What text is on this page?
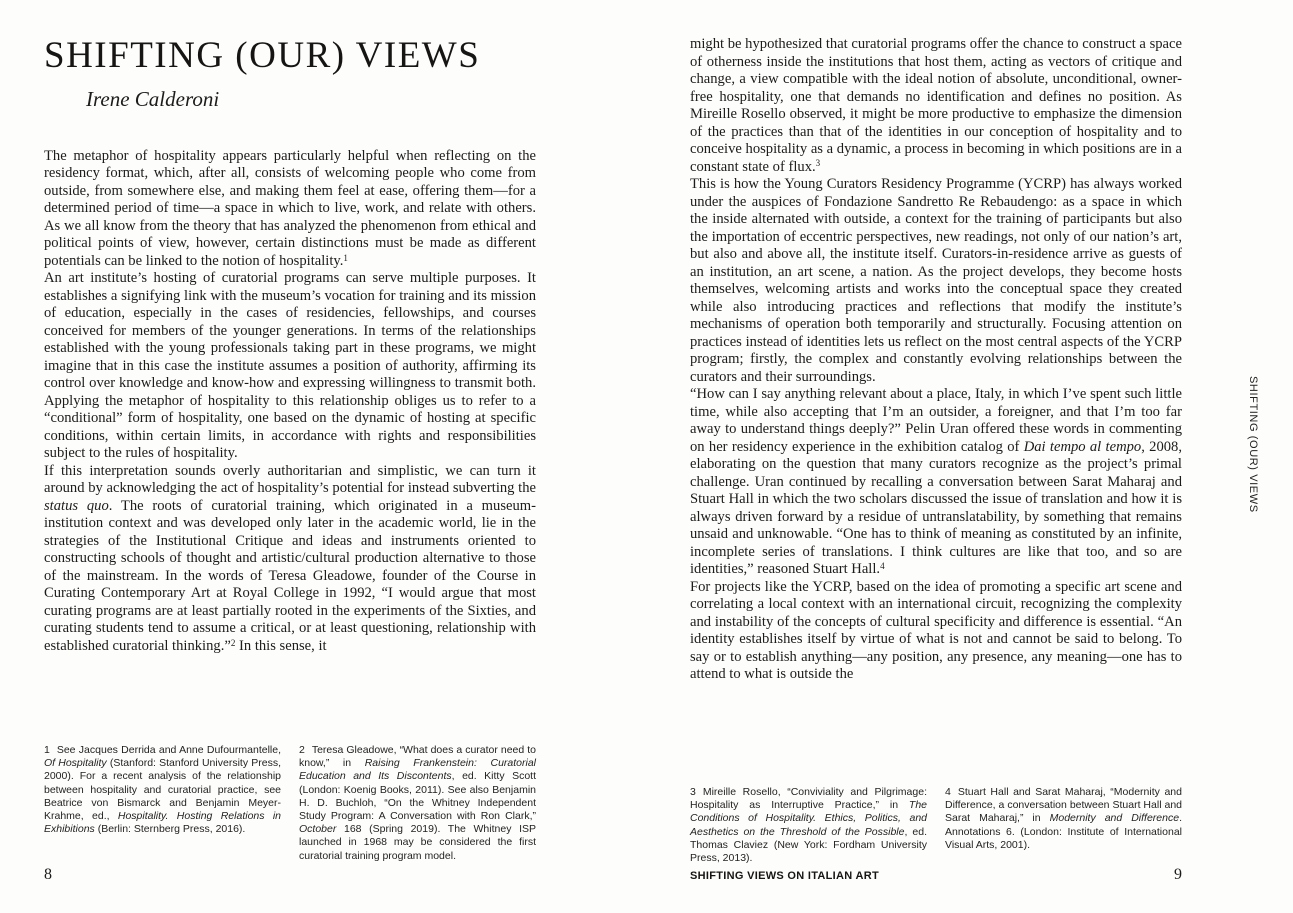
SHIFTING (OUR) VIEWS
Irene Calderoni

The metaphor of hospitality appears particularly helpful when reflecting on the residency format, which, after all, consists of welcoming people who come from outside, from somewhere else, and making them feel at ease, offering them—for a determined period of time—a space in which to live, work, and relate with others. As we all know from the theory that has analyzed the phenomenon from ethical and political points of view, however, certain distinctions must be made as different potentials can be linked to the notion of hospitality.$^1$

An art institute’s hosting of curatorial programs can serve multiple purposes. It establishes a signifying link with the museum’s vocation for training and its mission of education, especially in the cases of residencies, fellowships, and courses conceived for members of the younger generations. In terms of the relationships established with the young professionals taking part in these programs, we might imagine that in this case the institute assumes a position of authority, affirming its control over knowledge and know-how and expressing willingness to transmit both. Applying the metaphor of hospitality to this relationship obliges us to refer to a “conditional” form of hospitality, one based on the dynamic of hosting at specific conditions, within certain limits, in accordance with rights and responsibilities subject to the rules of hospitality.

If this interpretation sounds overly authoritarian and simplistic, we can turn it around by acknowledging the act of hospitality’s potential for instead subverting the status quo. The roots of curatorial training, which originated in a museum-institution context and was developed only later in the academic world, lie in the strategies of the Institutional Critique and ideas and instruments oriented to constructing schools of thought and artistic/cultural production alternative to those of the mainstream. In the words of Teresa Gleadowe, founder of the Course in Curating Contemporary Art at Royal College in 1992, “I would argue that most curating programs are at least partially rooted in the experiments of the Sixties, and curating students tend to assume a critical, or at least questioning, relationship with established curatorial thinking.”$^2$ In this sense, it

1 See Jacques Derrida and Anne Dufourmantelle, Of Hospitality (Stanford: Stanford University Press, 2000). For a recent analysis of the relationship between hospitality and curatorial practice, see Beatrice von Bismarck and Benjamin Meyer-Krahme, ed., Hospitality. Hosting Relations in Exhibitions (Berlin: Sternberg Press, 2016).
2 Teresa Gleadowe, “What does a curator need to know,” in Raising Frankenstein: Curatorial Education and Its Discontents, ed. Kitty Scott (London: Koenig Books, 2011). See also Benjamin H. D. Buchloh, “On the Whitney Independent Study Program: A Conversation with Ron Clark,” October 168 (Spring 2019). The Whitney ISP launched in 1968 may be considered the first curatorial training program model.
8

might be hypothesized that curatorial programs offer the chance to construct a space of otherness inside the institutions that host them, acting as vectors of critique and change, a view compatible with the ideal notion of absolute, unconditional, owner-free hospitality, one that demands no identification and defines no position. As Mireille Rosello observed, it might be more productive to emphasize the dimension of the practices than that of the identities in our conception of hospitality and to conceive hospitality as a dynamic, a process in becoming in which positions are in a constant state of flux.$^3$

This is how the Young Curators Residency Programme (YCRP) has always worked under the auspices of Fondazione Sandretto Re Rebaudengo: as a space in which the inside alternated with outside, a context for the training of participants but also the importation of eccentric perspectives, new readings, not only of our nation’s art, but also and above all, the institute itself. Curators-in-residence arrive as guests of an institution, an art scene, a nation. As the project develops, they become hosts themselves, welcoming artists and works into the conceptual space they created while also introducing practices and reflections that modify the institute’s mechanisms of operation both temporarily and structurally. Focusing attention on practices instead of identities lets us reflect on the most central aspects of the YCRP program; firstly, the complex and constantly evolving relationships between the curators and their surroundings.

“How can I say anything relevant about a place, Italy, in which I’ve spent such little time, while also accepting that I’m an outsider, a foreigner, and that I’m too far away to understand things deeply?” Pelin Uran offered these words in commenting on her residency experience in the exhibition catalog of Dai tempo al tempo, 2008, elaborating on the question that many curators recognize as the project’s primal challenge. Uran continued by recalling a conversation between Sarat Maharaj and Stuart Hall in which the two scholars discussed the issue of translation and how it is always driven forward by a residue of untranslatability, by something that remains unsaid and unknowable. “One has to think of meaning as constituted by an infinite, incomplete series of translations. I think cultures are like that too, and so are identities,” reasoned Stuart Hall.$^4$

For projects like the YCRP, based on the idea of promoting a specific art scene and correlating a local context with an international circuit, recognizing the complexity and instability of the concepts of cultural specificity and difference is essential. “An identity establishes itself by virtue of what is not and cannot be said to belong. To say or to establish anything—any position, any presence, any meaning—one has to attend to what is outside the

3 Mireille Rosello, “Conviviality and Pilgrimage: Hospitality as Interruptive Practice,” in The Conditions of Hospitality. Ethics, Politics, and Aesthetics on the Threshold of the Possible, ed. Thomas Claviez (New York: Fordham University Press, 2013).
4 Stuart Hall and Sarat Maharaj, “Modernity and Difference, a conversation between Stuart Hall and Sarat Maharaj,” in Modernity and Difference. Annotations 6. (London: Institute of International Visual Arts, 2001).
SHIFTING VIEWS ON ITALIAN ART	9
SHIFTING (OUR) VIEWS
